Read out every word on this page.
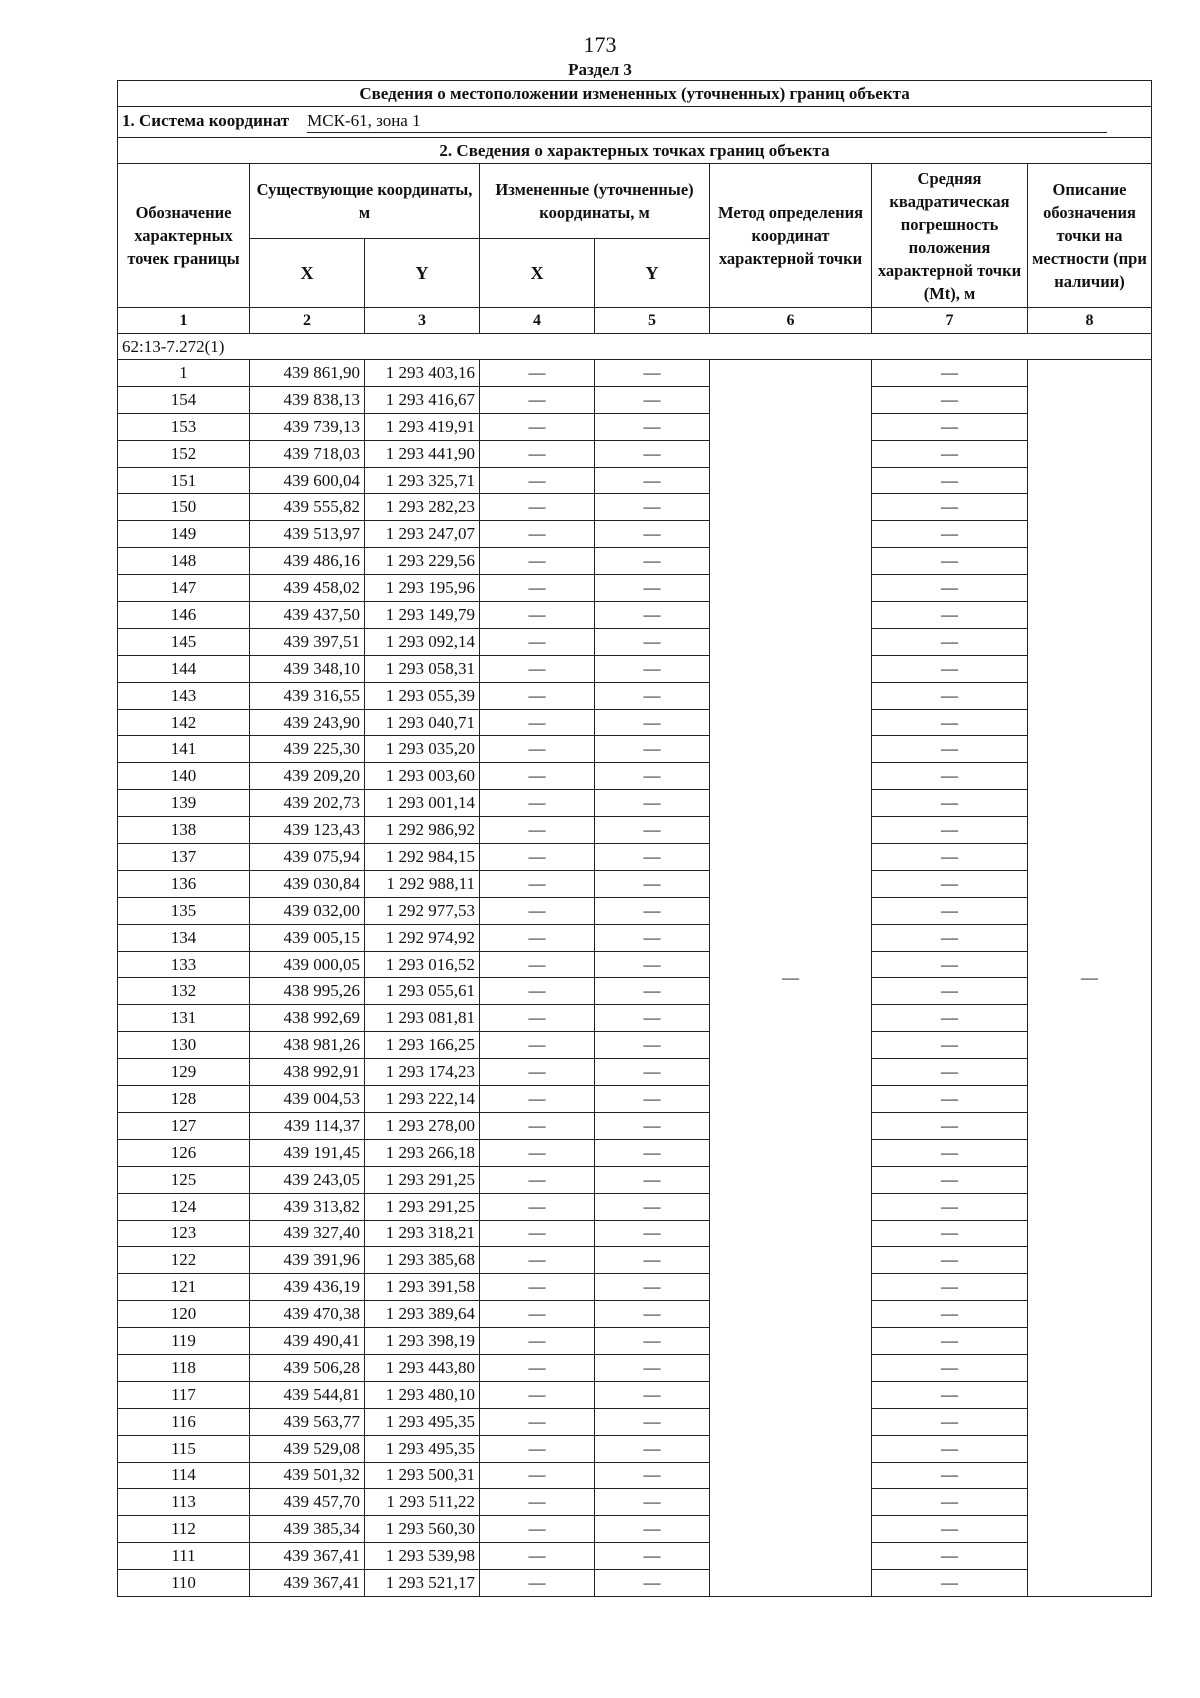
173
Раздел 3
Сведения о местоположении измененных (уточненных) границ объекта							
1. Система координат МСК-61, зона 1							
2. Сведения о характерных точках границ объекта							
Обозначение характерных точек границы	Существующие координаты, м		Измененные (уточненные) координаты, м		Метод определения координат характерной точки	Средняя квадратическая погрешность положения характерной точки (Mt), м	Описание обозначения точки на местности (при наличии)
	X	Y	X	Y			
1	2	3	4	5	6	7	8
62:13-7.272(1)							
1	439 861,90	1 293 403,16	—	—	—	—	—
154	439 838,13	1 293 416,67	—	—		—	
153	439 739,13	1 293 419,91	—	—		—	
152	439 718,03	1 293 441,90	—	—		—	
151	439 600,04	1 293 325,71	—	—		—	
150	439 555,82	1 293 282,23	—	—		—	
149	439 513,97	1 293 247,07	—	—		—	
148	439 486,16	1 293 229,56	—	—		—	
147	439 458,02	1 293 195,96	—	—		—	
146	439 437,50	1 293 149,79	—	—		—	
145	439 397,51	1 293 092,14	—	—		—	
144	439 348,10	1 293 058,31	—	—		—	
143	439 316,55	1 293 055,39	—	—		—	
142	439 243,90	1 293 040,71	—	—		—	
141	439 225,30	1 293 035,20	—	—		—	
140	439 209,20	1 293 003,60	—	—		—	
139	439 202,73	1 293 001,14	—	—		—	
138	439 123,43	1 292 986,92	—	—		—	
137	439 075,94	1 292 984,15	—	—		—	
136	439 030,84	1 292 988,11	—	—		—	
135	439 032,00	1 292 977,53	—	—		—	
134	439 005,15	1 292 974,92	—	—		—	
133	439 000,05	1 293 016,52	—	—		—	
132	438 995,26	1 293 055,61	—	—		—	
131	438 992,69	1 293 081,81	—	—		—	
130	438 981,26	1 293 166,25	—	—		—	
129	438 992,91	1 293 174,23	—	—		—	
128	439 004,53	1 293 222,14	—	—		—	
127	439 114,37	1 293 278,00	—	—		—	
126	439 191,45	1 293 266,18	—	—		—	
125	439 243,05	1 293 291,25	—	—		—	
124	439 313,82	1 293 291,25	—	—		—	
123	439 327,40	1 293 318,21	—	—		—	
122	439 391,96	1 293 385,68	—	—		—	
121	439 436,19	1 293 391,58	—	—		—	
120	439 470,38	1 293 389,64	—	—		—	
119	439 490,41	1 293 398,19	—	—		—	
118	439 506,28	1 293 443,80	—	—		—	
117	439 544,81	1 293 480,10	—	—		—	
116	439 563,77	1 293 495,35	—	—		—	
115	439 529,08	1 293 495,35	—	—		—	
114	439 501,32	1 293 500,31	—	—		—	
113	439 457,70	1 293 511,22	—	—		—	
112	439 385,34	1 293 560,30	—	—		—	
111	439 367,41	1 293 539,98	—	—		—	
110	439 367,41	1 293 521,17	—	—		—	
